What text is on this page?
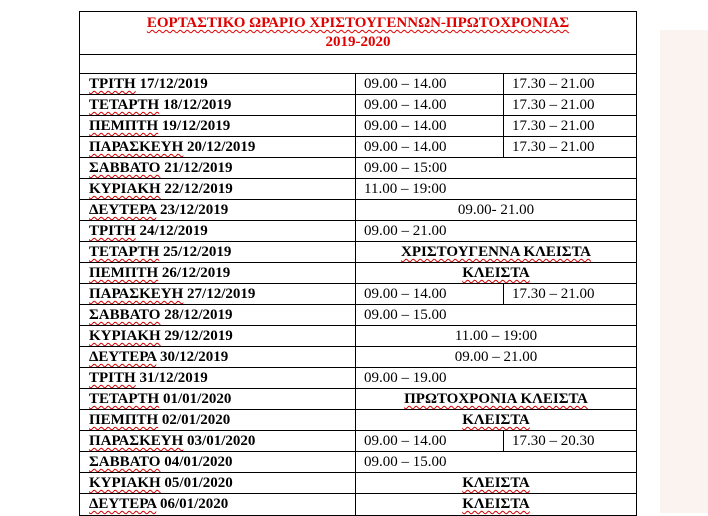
ΕΟΡΤΑΣΤΙΚΟ ΩΡΑΡΙΟ ΧΡΙΣΤΟΥΓΕΝΝΩΝ-ΠΡΩΤΟΧΡΟΝΙΑΣ
2019-2020
ΤΡΙΤΗ 17/12/2019	09.00 – 14.00	17.30 – 21.00
ΤΕΤΑΡΤΗ 18/12/2019	09.00 – 14.00	17.30 – 21.00
ΠΕΜΠΤΗ 19/12/2019	09.00 – 14.00	17.30 – 21.00
ΠΑΡΑΣΚΕΥΗ 20/12/2019	09.00 – 14.00	17.30 – 21.00
ΣΑΒΒΑΤΟ 21/12/2019	09.00 – 15:00
ΚΥΡΙΑΚΗ 22/12/2019	11.00 – 19:00
ΔΕΥΤΕΡΑ 23/12/2019	09.00- 21.00
ΤΡΙΤΗ 24/12/2019	09.00 – 21.00
ΤΕΤΑΡΤΗ 25/12/2019	ΧΡΙΣΤΟΥΓΕΝΝΑ ΚΛΕΙΣΤΑ
ΠΕΜΠΤΗ 26/12/2019	ΚΛΕΙΣΤΑ
ΠΑΡΑΣΚΕΥΗ 27/12/2019	09.00 – 14.00	17.30 – 21.00
ΣΑΒΒΑΤΟ 28/12/2019	09.00 – 15.00
ΚΥΡΙΑΚΗ 29/12/2019	11.00 – 19:00
ΔΕΥΤΕΡΑ 30/12/2019	09.00 – 21.00
ΤΡΙΤΗ 31/12/2019	09.00 – 19.00
ΤΕΤΑΡΤΗ 01/01/2020	ΠΡΩΤΟΧΡΟΝΙΑ ΚΛΕΙΣΤΑ
ΠΕΜΠΤΗ 02/01/2020	ΚΛΕΙΣΤΑ
ΠΑΡΑΣΚΕΥΗ 03/01/2020	09.00 – 14.00	17.30 – 20.30
ΣΑΒΒΑΤΟ 04/01/2020	09.00 – 15.00
ΚΥΡΙΑΚΗ 05/01/2020	ΚΛΕΙΣΤΑ
ΔΕΥΤΕΡΑ 06/01/2020	ΚΛΕΙΣΤΑ
